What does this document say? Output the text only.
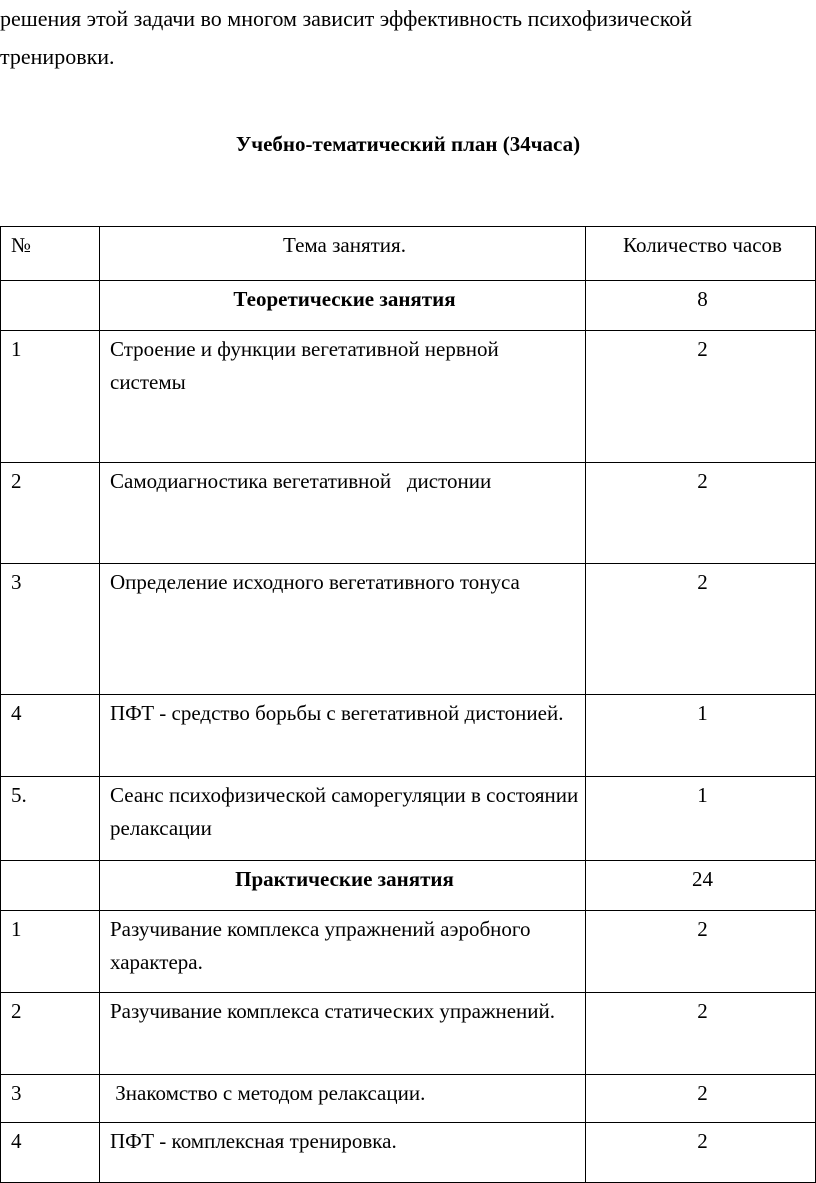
решения этой задачи во многом зависит эффективность психофизической

тренировки.

Учебно-тематический план (34часа)
№	Тема занятия.	Количество часов
	Теоретические занятия	8
1	Строение и функции вегетативной нервной системы	2
2	Самодиагностика вегетативной   дистонии	2
3	Определение исходного вегетативного тонуса	2
4	ПФТ - средство борьбы с вегетативной дистонией.	1
5.	Сеанс психофизической саморегуляции в состоянии релаксации	1
	Практические занятия	24
1	Разучивание комплекса упражнений аэробного характера.	2
2	Разучивание комплекса статических упражнений.	2
3	Знакомство с методом релаксации.	2
4	ПФТ - комплексная тренировка.	2
